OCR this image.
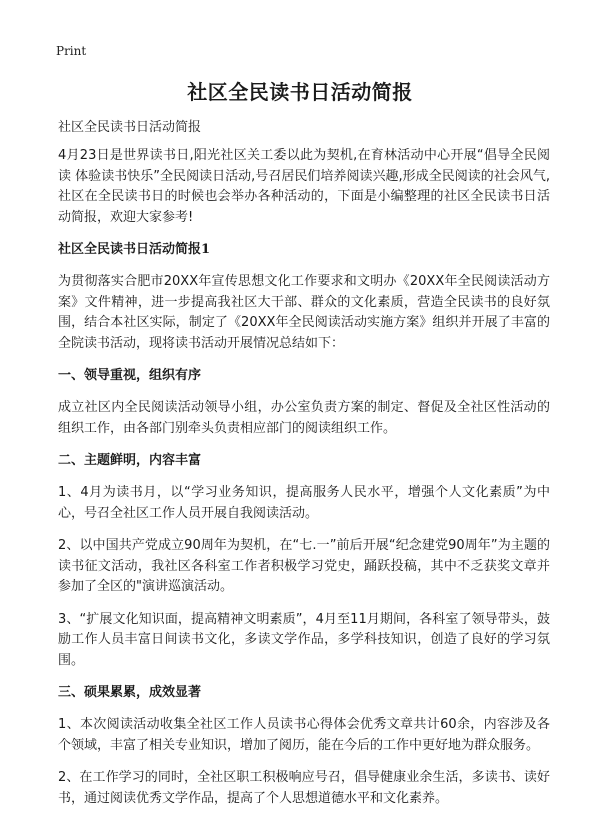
Print
社区全民读书日活动简报

社区全民读书日活动简报

4月23日是世界读书日,阳光社区关工委以此为契机,在育林活动中心开展“倡导全民阅读 体验读书快乐”全民阅读日活动,号召居民们培养阅读兴趣,形成全民阅读的社会风气,社区在全民读书日的时候也会举办各种活动的，下面是小编整理的社区全民读书日活动简报，欢迎大家参考!

社区全民读书日活动简报1

为贯彻落实合肥市20XX年宣传思想文化工作要求和文明办《20XX年全民阅读活动方案》文件精神，进一步提高我社区大干部、群众的文化素质，营造全民读书的良好氛围，结合本社区实际，制定了《20XX年全民阅读活动实施方案》组织并开展了丰富的全院读书活动，现将读书活动开展情况总结如下：

一、领导重视，组织有序

成立社区内全民阅读活动领导小组，办公室负责方案的制定、督促及全社区性活动的组织工作，由各部门别牵头负责相应部门的阅读组织工作。

二、主题鲜明，内容丰富

1、4月为读书月，以“学习业务知识，提高服务人民水平，增强个人文化素质”为中心，号召全社区工作人员开展自我阅读活动。

2、以中国共产党成立90周年为契机，在“七.一”前后开展“纪念建党90周年”为主题的读书征文活动，我社区各科室工作者积极学习党史，踊跃投稿，其中不乏获奖文章并参加了全区的"演讲巡演活动。

3、“扩展文化知识面，提高精神文明素质”，4月至11月期间，各科室了领导带头，鼓励工作人员丰富日间读书文化，多读文学作品，多学科技知识，创造了良好的学习氛围。

三、硕果累累，成效显著

1、本次阅读活动收集全社区工作人员读书心得体会优秀文章共计60余，内容涉及各个领域，丰富了相关专业知识，增加了阅历，能在今后的工作中更好地为群众服务。

2、在工作学习的同时，全社区职工积极响应号召，倡导健康业余生活，多读书、读好书，通过阅读优秀文学作品，提高了个人思想道德水平和文化素养。
